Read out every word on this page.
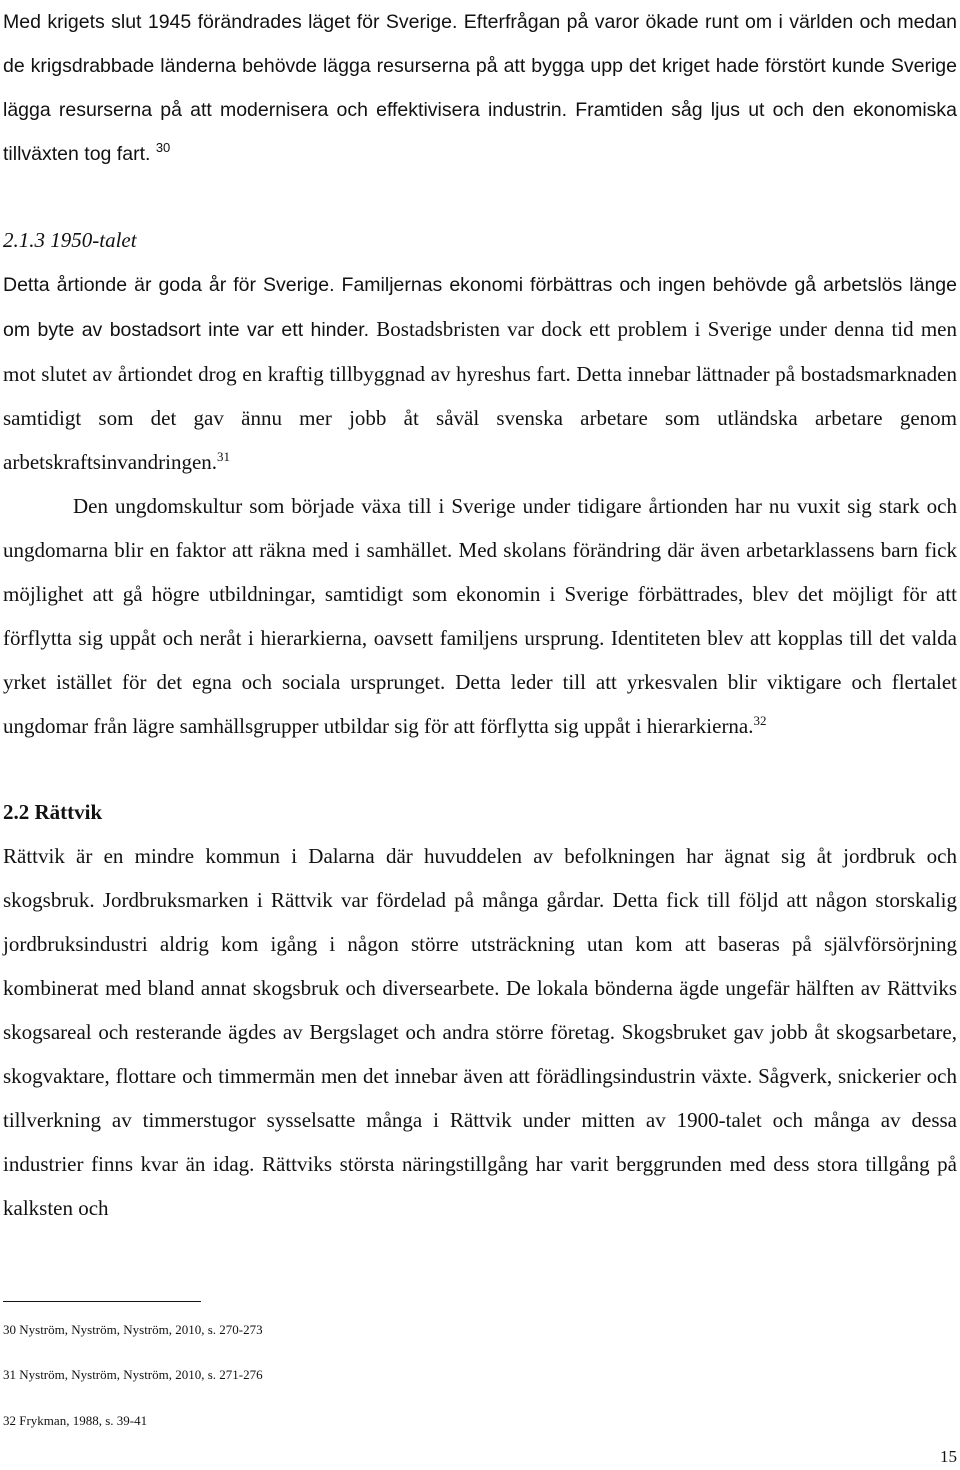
Med krigets slut 1945 förändrades läget för Sverige. Efterfrågan på varor ökade runt om i världen och medan de krigsdrabbade länderna behövde lägga resurserna på att bygga upp det kriget hade förstört kunde Sverige lägga resurserna på att modernisera och effektivisera industrin. Framtiden såg ljus ut och den ekonomiska tillväxten tog fart. $^{30}$

2.1.3 1950-talet

Detta årtionde är goda år för Sverige. Familjernas ekonomi förbättras och ingen behövde gå arbetslös länge om byte av bostadsort inte var ett hinder. Bostadsbristen var dock ett problem i Sverige under denna tid men mot slutet av årtiondet drog en kraftig tillbyggnad av hyreshus fart. Detta innebar lättnader på bostadsmarknaden samtidigt som det gav ännu mer jobb åt såväl svenska arbetare som utländska arbetare genom arbetskraftsinvandringen.$^{31}$

Den ungdomskultur som började växa till i Sverige under tidigare årtionden har nu vuxit sig stark och ungdomarna blir en faktor att räkna med i samhället. Med skolans förändring där även arbetarklassens barn fick möjlighet att gå högre utbildningar, samtidigt som ekonomin i Sverige förbättrades, blev det möjligt för att förflytta sig uppåt och neråt i hierarkierna, oavsett familjens ursprung. Identiteten blev att kopplas till det valda yrket istället för det egna och sociala ursprunget. Detta leder till att yrkesvalen blir viktigare och flertalet ungdomar från lägre samhällsgrupper utbildar sig för att förflytta sig uppåt i hierarkierna.$^{32}$

2.2 Rättvik

Rättvik är en mindre kommun i Dalarna där huvuddelen av befolkningen har ägnat sig åt jordbruk och skogsbruk. Jordbruksmarken i Rättvik var fördelad på många gårdar. Detta fick till följd att någon storskalig jordbruksindustri aldrig kom igång i någon större utsträckning utan kom att baseras på självförsörjning kombinerat med bland annat skogsbruk och diversearbete. De lokala bönderna ägde ungefär hälften av Rättviks skogsareal och resterande ägdes av Bergslaget och andra större företag. Skogsbruket gav jobb åt skogsarbetare, skogvaktare, flottare och timmermän men det innebar även att förädlingsindustrin växte. Sågverk, snickerier och tillverkning av timmerstugor sysselsatte många i Rättvik under mitten av 1900-talet och många av dessa industrier finns kvar än idag. Rättviks största näringstillgång har varit berggrunden med dess stora tillgång på kalksten och

30 Nyström, Nyström, Nyström, 2010, s. 270-273

31 Nyström, Nyström, Nyström, 2010, s. 271-276

32 Frykman, 1988, s. 39-41

15
